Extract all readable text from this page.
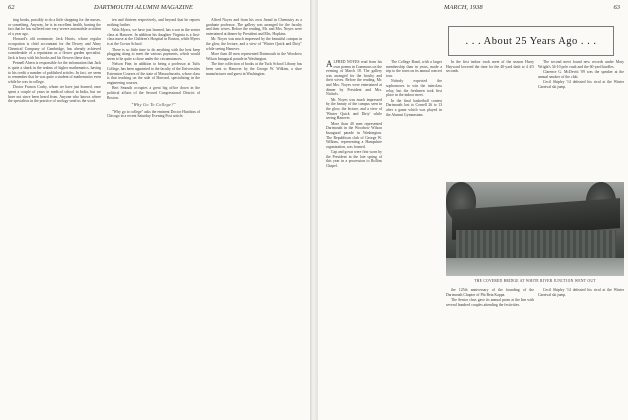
62	DARTMOUTH ALUMNI MAGAZINE

ting books, possibly to do a little shopping for the nurses, or something. Anyway, he is in excellent health, barring the fact that he has suffered one very severe automobile accident of a year ago.

Howard's old roommate, Jack Harris, whose regular occupation is chief accountant for the Dewey and Almy Chemical Company of Cambridge, has already achieved considerable of a reputation as a flower garden specialist. Jack is busy with his books and his flowers these days.

Pennell Ahern is responsible for the information that Jack is quite a shark in the realms of higher mathematics, having to his credit a number of published articles. In fact, we seem to remember that he was quite a student of mathematics even while he was in college.

Doctor Francis Cosby, whom we have just learned, once spent a couple of years in medical school in India, but we have not since been heard from. Anyone who knows where the specialists in the practice of urology send us the word.

ten and thirteen respectively, and beyond that he reports nothing further.

With Myers, we have just learned, has a son in the senior class at Hanover. In addition his daughter Virginia is a first-class nurse at the Children's Hospital in Boston, while Myers is at the Crown School.

There is so little time to do anything with the best keep plugging along to meet the various payments, which would seem to be quite a chore under the circumstances.

Nelson Fine, in addition to being a professor at Tufts College, has been appointed to the faculty of the Universities Extension Courses of the state of Massachusetts, whose class is that teaching on the side of Harvard, specializing in the engineering courses.

Bert Smouth occupies a great big office down in the political affairs of the Second Congressional District of Boston.

"Why Go To College?"

"Why go to college" asks the eminent Doctor Hutchins of Chicago in a recent Saturday Evening Post article.

Alfred Noyes and from his own Jurnal in Chemistry as a graduate professor. The gallery was arranged for the faculty and their wives. Before the reading, Mr. and Mrs. Noyes were entertained at dinner by President and Mrs. Hopkins.

Mr. Noyes was much impressed by the beautiful campus in the glow, the lecture, and a view of "Winter Quick and Dirty" while seeing Hanover.

More than 40 men represented Dartmouth in the Woodrow Wilson Inaugural parade in Washington.

The fine collection of books at the Tuck School Library has been sent to Hanover by the George W. Wilkins, a shoe manufacturer and guest in Washington.

MARCH, 1938	63
. . . About 25 Years Ago . . .

ALFRED NOYES read from his own poems in Commons on the evening of March 18. The gallery was arranged for the faculty and their wives. Before the reading, Mr. and Mrs. Noyes were entertained at dinner by President and Mrs. Nichols.

Mr. Noyes was much impressed by the beauty of the campus seen in the glow, the lecture, and a view of 'Winter Quick and Dirty' while seeing Hanover.

More than 40 men represented Dartmouth in the Woodrow Wilson Inaugural parade in Washington. The Republican club of George W. Wilkins, representing a Hampshire organization, was formed.

Cap and gown were first worn by the President in the late spring of this year in a procession to Rollins Chapel.

The College Band, with a larger membership than in years, made a trip to the town on its annual concert tour.

Nobody expected the sophomores to win the interclass relay, but the freshmen took first place in the indoor meet.

In the final basketball contest Dartmouth lost to Cornell 26 to 13 after a game which was played in the Alumni Gymnasium.

In the first indoor track meet of the season Harry Hayward lowered the time for the 40-yard dash to 4 4/5 seconds.

The second meet found new records under Mary Wright's 34-10 pole vault and the 60-yard hurdles.

Clarence G. McDevitt '09 was the speaker at the annual smoker of the club.

Cecil Shipley '14 defeated his rival at the Winter Carnival ski jump.

THE COVERED BRIDGE AT WHITE RIVER JUNCTION WENT OUT

the 125th anniversary of the founding of the Dartmouth Chapter of Phi Beta Kappa.

The Senior class gave its annual prom at the Inn with several hundred couples attending the festivities.

Cecil Shipley '14 defeated his rival at the Winter Carnival ski jump.
